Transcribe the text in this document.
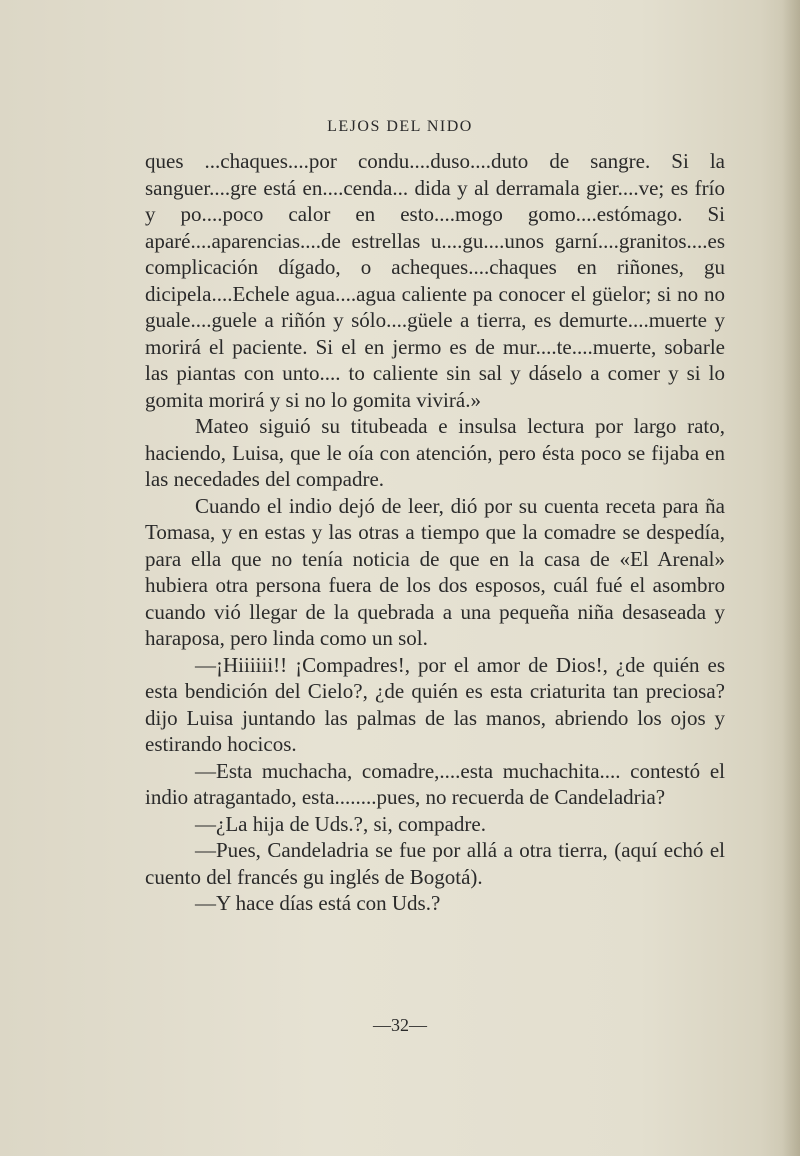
LEJOS DEL NIDO

ques ...chaques....por condu....duso....duto de sangre. Si la sanguer....gre está en....cenda... dida y al derramala gier....ve; es frío y po....poco calor en esto....mogo gomo....estómago. Si aparé....aparencias....de estrellas u....gu....unos garní....granitos....es complicación dígado, o acheques....chaques en riñones, gu dicipela....Echele agua....agua caliente pa conocer el güelor; si no no guale....guele a riñón y sólo....güele a tierra, es demurte....muerte y morirá el paciente. Si el en jermo es de mur....te....muerte, sobarle las piantas con unto.... to caliente sin sal y dáselo a comer y si lo gomita morirá y si no lo gomita vivirá.»

Mateo siguió su titubeada e insulsa lectura por largo rato, haciendo, Luisa, que le oía con atención, pero ésta poco se fijaba en las necedades del compadre.

Cuando el indio dejó de leer, dió por su cuenta receta para ña Tomasa, y en estas y las otras a tiempo que la comadre se despedía, para ella que no tenía noticia de que en la casa de «El Arenal» hubiera otra persona fuera de los dos esposos, cuál fué el asombro cuando vió llegar de la quebrada a una pequeña niña desaseada y haraposa, pero linda como un sol.

—¡Hiiiiii!! ¡Compadres!, por el amor de Dios!, ¿de quién es esta bendición del Cielo?, ¿de quién es esta criaturita tan preciosa? dijo Luisa juntando las palmas de las manos, abriendo los ojos y estirando hocicos.

—Esta muchacha, comadre,....esta muchachita.... contestó el indio atragantado, esta........pues, no recuerda de Candeladria?

—¿La hija de Uds.?, si, compadre.

—Pues, Candeladria se fue por allá a otra tierra, (aquí echó el cuento del francés gu inglés de Bogotá).

—Y hace días está con Uds.?

—32—
